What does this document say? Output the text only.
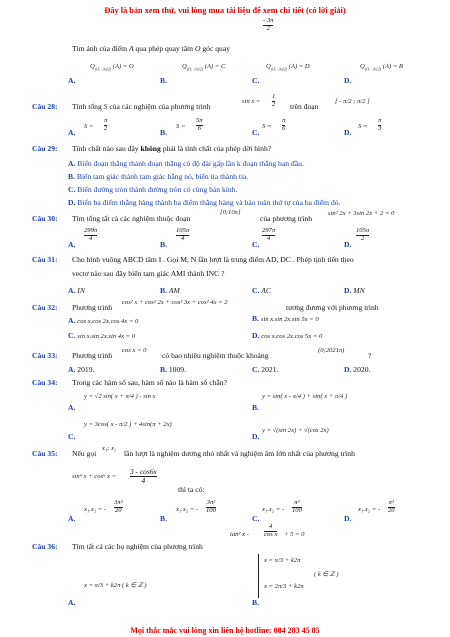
Đây là bản xem thử, vui lòng mua tài liệu để xem chi tiết (có lời giải)
- 3π
2
Tìm ảnh của điểm A qua phép quay tâm O góc quay
A.
$Q_{(O; -3\pi/2)}$ (A) = O
B.
$Q_{(O; -3\pi/2)}$ (A) = C
C.
$Q_{(O; -3\pi/2)}$ (A) = D
D.
$Q_{(O; -3\pi/2)}$ (A) = B
Câu 28: Tính tổng S của các nghiệm của phương trình
sin x =
1
2 trên đoạn
[ - π/2 ; π/2 ]
A.
S =
π
2	B.
S =
5π
6	C.
S =
π
6	D.
S =
π
3
Câu 29: Tính chất nào sau đây không phải là tính chất của phép dời hình?
A. Biến đoạn thẳng thành đoạn thẳng có độ dài gấp lần k đoạn thẳng ban đầu.
B. Biến tam giác thành tam giác bằng nó, biến tia thành tia.
C. Biến đường tròn thành đường tròn có cùng bán kính.
D. Biến ba điểm thẳng hàng thành ba điểm thẳng hàng và bảo toàn thứ tự của ba điểm đó.
Câu 30: Tìm tổng tất cả các nghiệm thuộc đoạn
[0;10π]
của phương trình
sin² 2x + 3sin 2x + 2 = 0
A.
299π
4
B.
105π
4
C.
297π
4
D.
105π
2
Câu 31: Cho hình vuông ABCD tâm I . Gọi M, N lần lượt là trung điểm AD, DC . Phép tịnh tiến theo
vectơ nào sau đây biến tam giác AMI thành INC ?
A. IN	B. AM	C. AC	D. MN
Câu 32: Phương trình
cos² x + cos² 2x + cos² 3x + cos² 4x = 2
tương đương với phương trình
A. cos x.cos 2x.cos 4x = 0	B. sin x.sin 2x.sin 5x = 0
C. sin x.sin 2x.sin 4x = 0	D. cos x.cos 2x.cos 5x = 0
Câu 33: Phương trình
cos x = 0
có bao nhiêu nghiệm thuộc khoảng
(0;2021π)
?
A. 2019.	B. 1009.	C. 2021.	D. 2020.
Câu 34: Trong các hàm số sau, hàm số nào là hàm số chẵn?
A.
y = √2 sin( x + π/4 ) - sin x
B.
y = sin( x - π/4 ) + sin( x + π/4 )
C.
y = 3cos( x - π/2 ) + 4sin(π + 2x)
D.
y = √(sin 2x) + √(cos 2x)
Câu 35: Nếu gọi
x₁; x₂
lần lượt là nghiệm dương nhỏ nhất và nghiệm âm lớn nhất của phương trình
sin⁶ x + cos⁶ x =
3 - cos6x
4
thì ta có:
A.
x₁.x₂ = -
3π²
20
B.
x₁.x₂ = -
3π²
100
C.
x₁.x₂ = -
π²
100
D.
x₁.x₂ = -
π²
20
Câu 36: Tìm tất cả các họ nghiệm của phương trình
tan² x -
4
cos x + 5 = 0
A.
x = π/3 + k2π ( k ∈ ℤ )
B.
x = π/3 + k2π
x = 2π/3 + k2π
( k ∈ ℤ )
Mọi thắc mắc vui lòng xin liên hệ hotline: 084 283 45 85
